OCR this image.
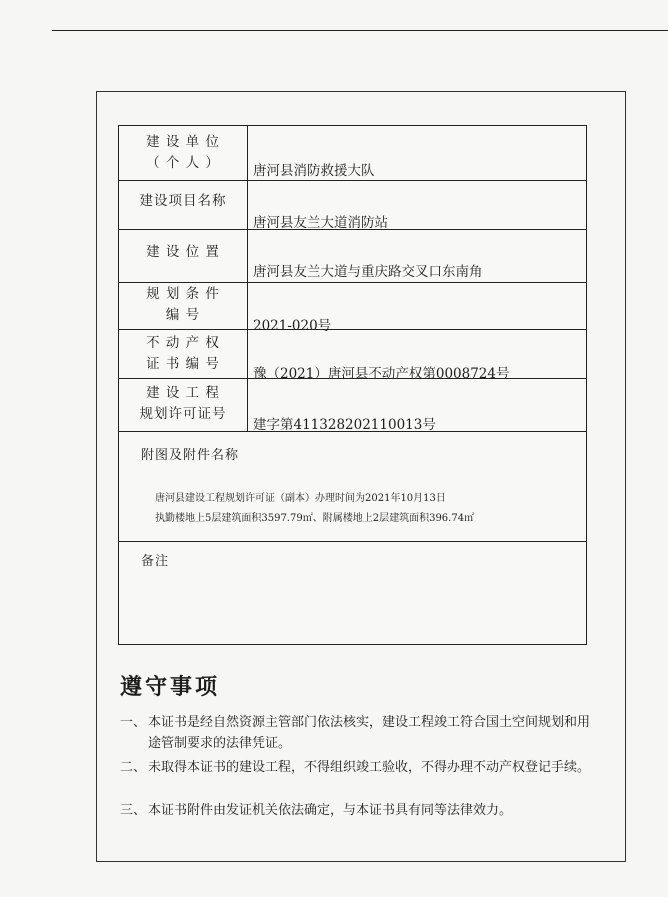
建 设 单 位
（ 个 人 ）	唐河县消防救援大队
建设项目名称
唐河县友兰大道消防站
建 设 位 置
唐河县友兰大道与重庆路交叉口东南角
规 划 条 件
编 号
2021-020号
不 动 产 权
证 书 编 号
豫（2021）唐河县不动产权第0008724号
建 设 工 程
规划许可证号
建字第411328202110013号
附图及附件名称
唐河县建设工程规划许可证（副本）办理时间为2021年10月13日
执勤楼地上5层建筑面积3597.79㎡、附属楼地上2层建筑面积396.74㎡
备注
遵守事项
一、 本证书是经自然资源主管部门依法核实，建设工程竣工符合国土空间规划和用途管制要求的法律凭证。
二、 未取得本证书的建设工程，不得组织竣工验收，不得办理不动产权登记手续。
三、 本证书附件由发证机关依法确定，与本证书具有同等法律效力。
